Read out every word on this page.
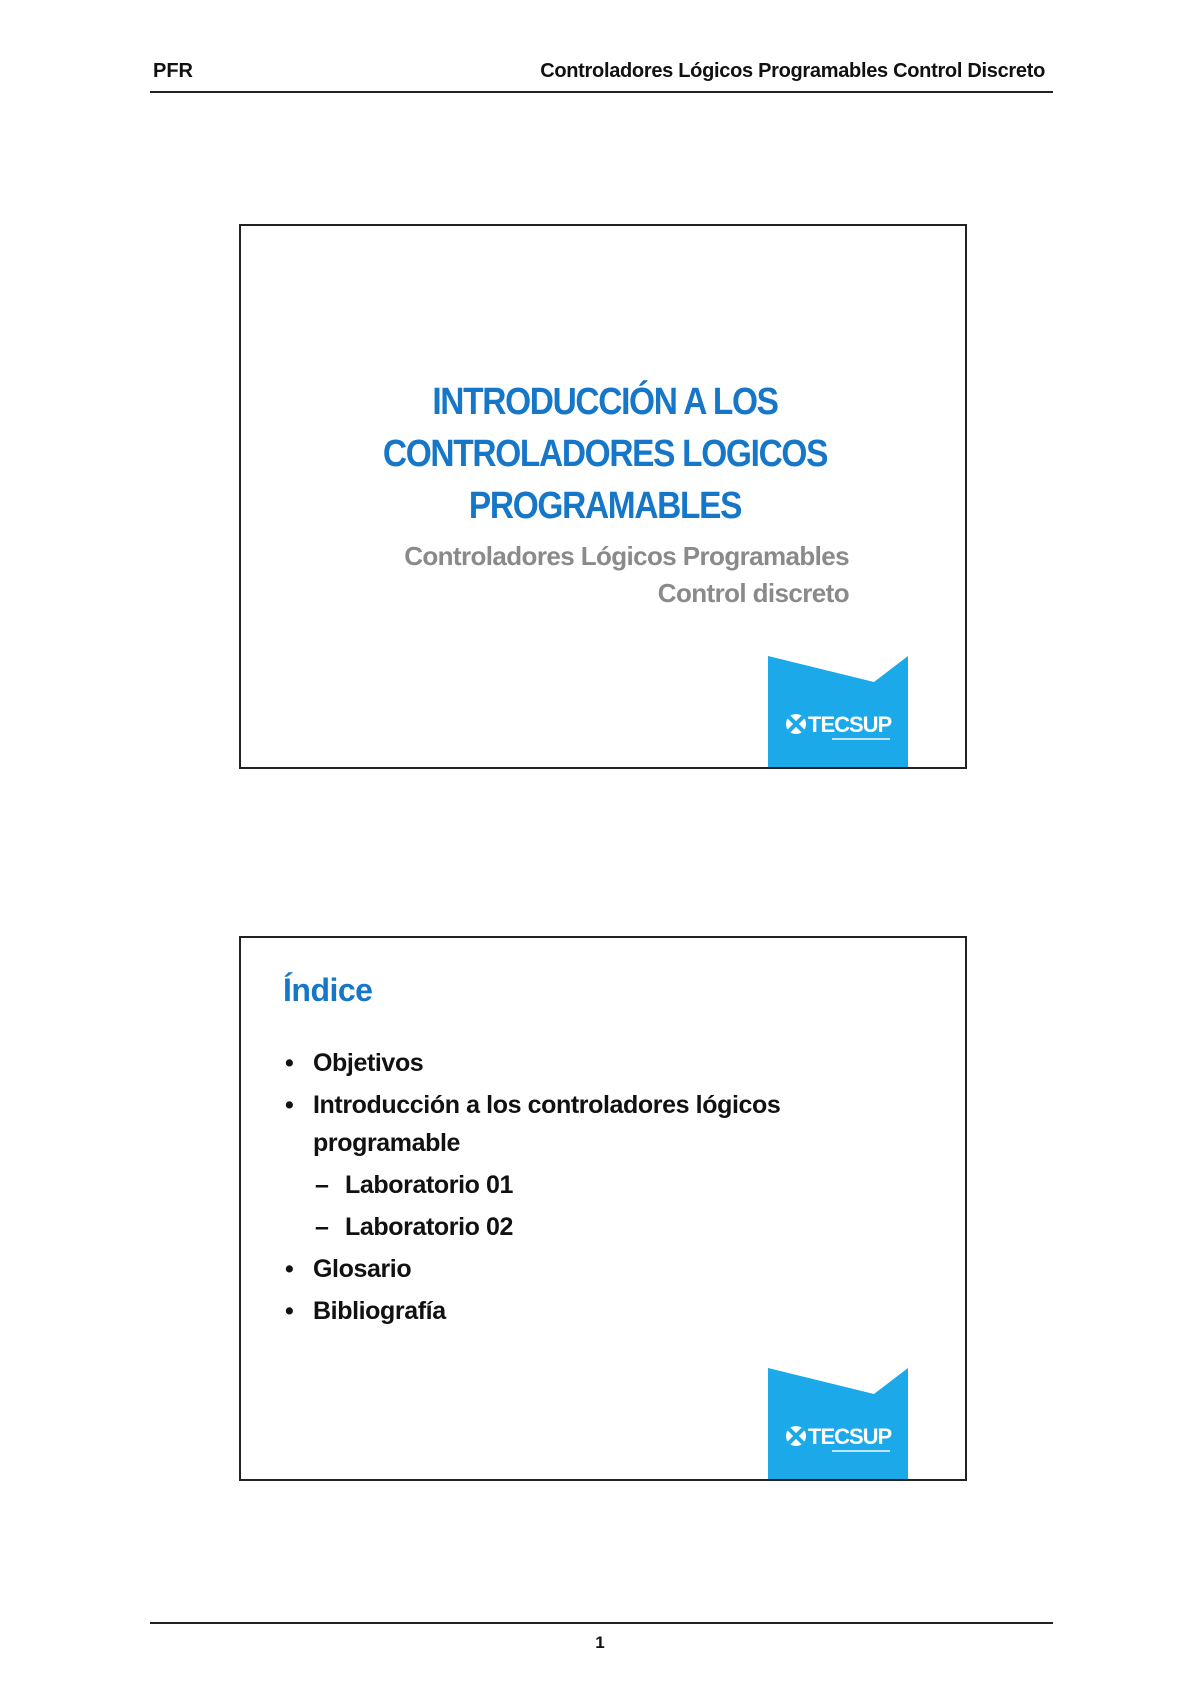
PFR	Controladores Lógicos Programables Control Discreto
INTRODUCCIÓN A LOS
CONTROLADORES LOGICOS
PROGRAMABLES
Controladores Lógicos Programables
Control discreto
TECSUP
Índice
• Objetivos
• Introducción a los controladores lógicos programable
– Laboratorio 01
– Laboratorio 02
• Glosario
• Bibliografía
TECSUP
1
